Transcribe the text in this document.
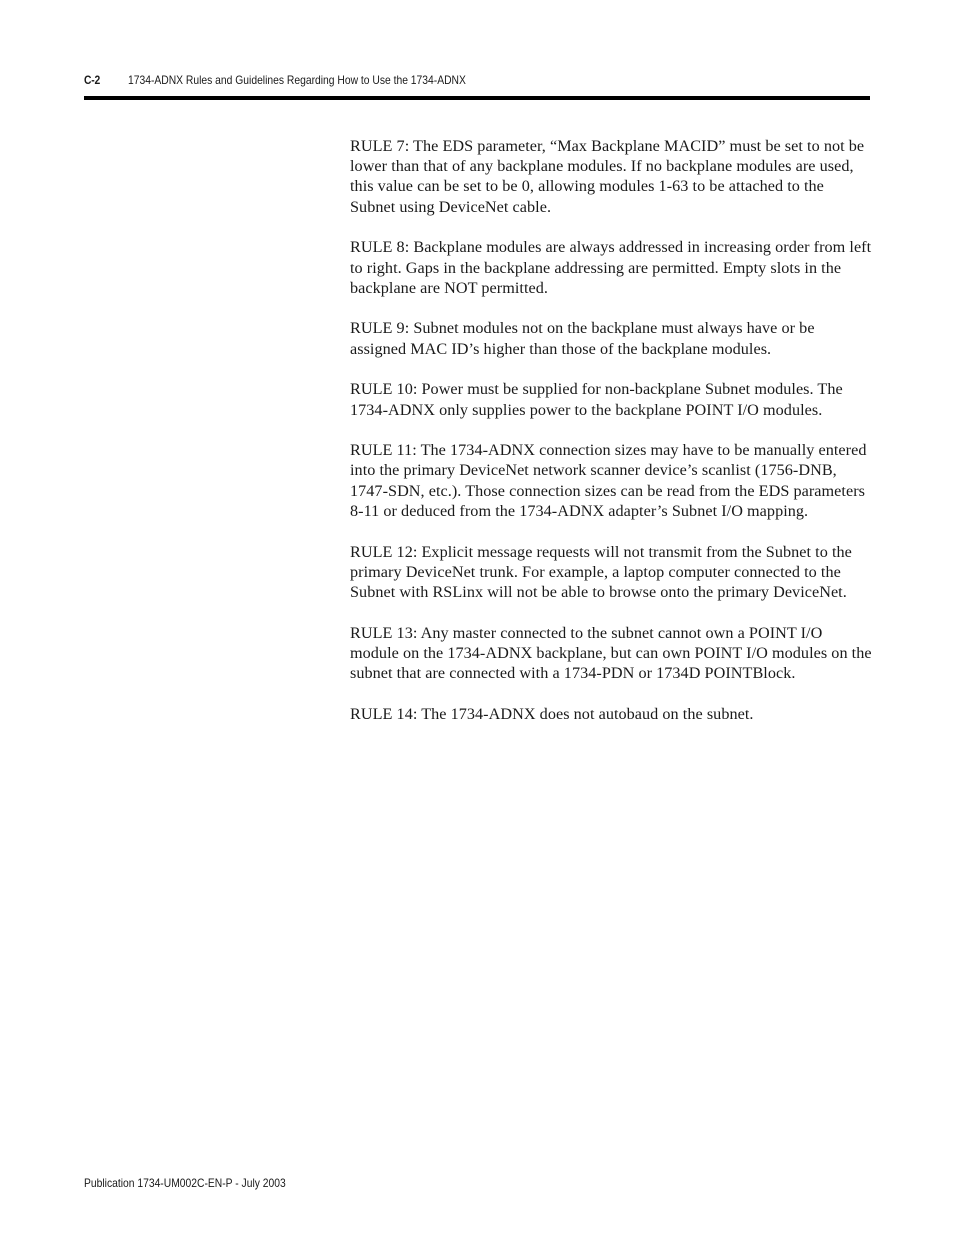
C-2 1734-ADNX Rules and Guidelines Regarding How to Use the 1734-ADNX
RULE 7: The EDS parameter, “Max Backplane MACID” must be set to not be lower than that of any backplane modules. If no backplane modules are used, this value can be set to be 0, allowing modules 1-63 to be attached to the Subnet using DeviceNet cable.
RULE 8: Backplane modules are always addressed in increasing order from left to right. Gaps in the backplane addressing are permitted. Empty slots in the backplane are NOT permitted.
RULE 9: Subnet modules not on the backplane must always have or be assigned MAC ID’s higher than those of the backplane modules.
RULE 10: Power must be supplied for non-backplane Subnet modules. The 1734-ADNX only supplies power to the backplane POINT I/O modules.
RULE 11: The 1734-ADNX connection sizes may have to be manually entered into the primary DeviceNet network scanner device’s scanlist (1756-DNB, 1747-SDN, etc.). Those connection sizes can be read from the EDS parameters 8-11 or deduced from the 1734-ADNX adapter’s Subnet I/O mapping.
RULE 12: Explicit message requests will not transmit from the Subnet to the primary DeviceNet trunk. For example, a laptop computer connected to the Subnet with RSLinx will not be able to browse onto the primary DeviceNet.
RULE 13: Any master connected to the subnet cannot own a POINT I/O module on the 1734-ADNX backplane, but can own POINT I/O modules on the subnet that are connected with a 1734-PDN or 1734D POINTBlock.
RULE 14: The 1734-ADNX does not autobaud on the subnet.
Publication 1734-UM002C-EN-P - July 2003
